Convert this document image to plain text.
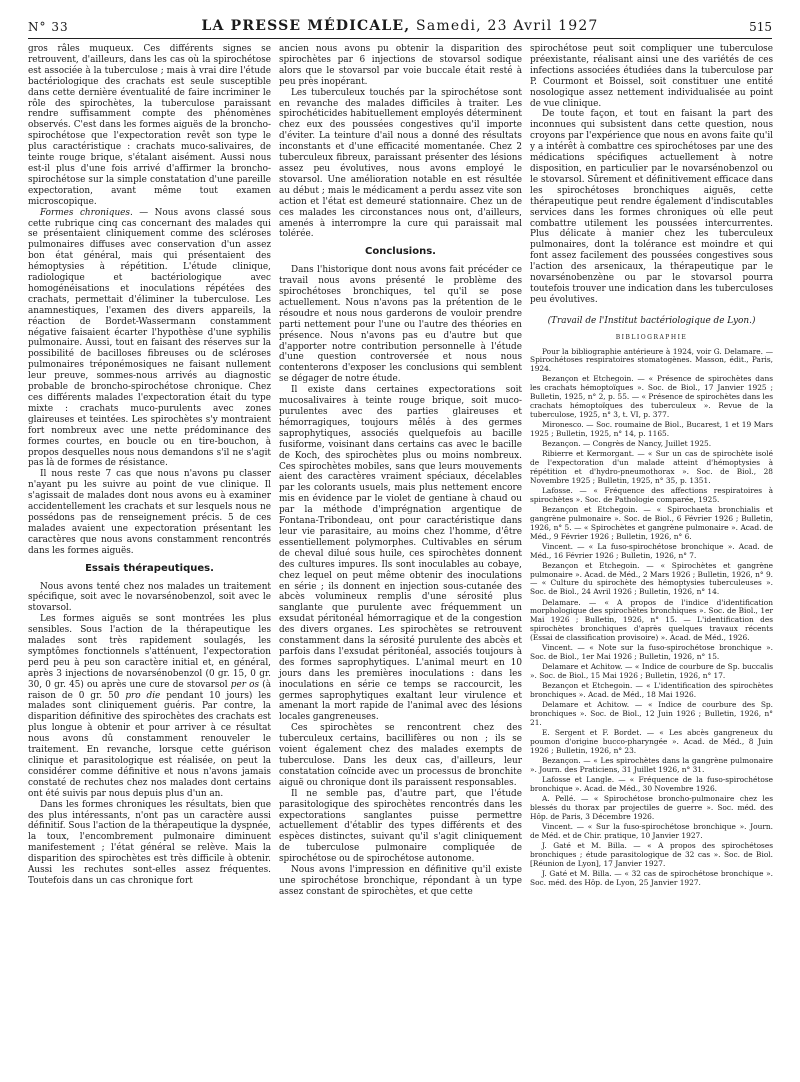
N° 33	LA PRESSE MÉDICALE, Samedi, 23 Avril 1927	515

gros râles muqueux. Ces différents signes se retrouvent, d'ailleurs, dans les cas où la spirochétose est associée à la tuberculose ; mais à vrai dire l'étude bactériologique des crachats est seule susceptible dans cette dernière éventualité de faire incriminer le rôle des spirochètes, la tuberculose paraissant rendre suffisamment compte des phénomènes observés. C'est dans les formes aiguës de la broncho-spirochétose que l'expectoration revêt son type le plus caractéristique : crachats muco-salivaires, de teinte rouge brique, s'étalant aisément. Aussi nous est-il plus d'une fois arrivé d'affirmer la broncho-spirochétose sur la simple constatation d'une pareille expectoration, avant même tout examen microscopique.

Formes chroniques. — Nous avons classé sous cette rubrique cinq cas concernant des malades qui se présentaient cliniquement comme des scléroses pulmonaires diffuses avec conservation d'un assez bon état général, mais qui présentaient des hémoptysies à répétition. L'étude clinique, radiologique et bactériologique avec homogénéisations et inoculations répétées des crachats, permettait d'éliminer la tuberculose. Les anamnestiques, l'examen des divers appareils, la réaction de Bordet-Wassermann constamment négative faisaient écarter l'hypothèse d'une syphilis pulmonaire. Aussi, tout en faisant des réserves sur la possibilité de bacilloses fibreuses ou de scléroses pulmonaires tréponémosiques ne faisant nullement leur preuve, sommes-nous arrivés au diagnostic probable de broncho-spirochétose chronique. Chez ces différents malades l'expectoration était du type mixte : crachats muco-purulents avec zones glaireuses et teintées. Les spirochètes s'y montraient fort nombreux avec une nette prédominance des formes courtes, en boucle ou en tire-bouchon, à propos desquelles nous nous demandons s'il ne s'agit pas là de formes de résistance.

Il nous reste 7 cas que nous n'avons pu classer n'ayant pu les suivre au point de vue clinique. Il s'agissait de malades dont nous avons eu à examiner accidentellement les crachats et sur lesquels nous ne possédons pas de renseignement précis. 5 de ces malades avaient une expectoration présentant les caractères que nous avons constamment rencontrés dans les formes aiguës.

Essais thérapeutiques.

Nous avons tenté chez nos malades un traitement spécifique, soit avec le novarsénobenzol, soit avec le stovarsol.

Les formes aiguës se sont montrées les plus sensibles. Sous l'action de la thérapeutique les malades sont très rapidement soulagés, les symptômes fonctionnels s'atténuent, l'expectoration perd peu à peu son caractère initial et, en général, après 3 injections de novarsénobenzol (0 gr. 15, 0 gr. 30, 0 gr. 45) ou après une cure de stovarsol per os (à raison de 0 gr. 50 pro die pendant 10 jours) les malades sont cliniquement guéris. Par contre, la disparition définitive des spirochètes des crachats est plus longue à obtenir et pour arriver à ce résultat nous avons dû constamment renouveler le traitement. En revanche, lorsque cette guérison clinique et parasitologique est réalisée, on peut la considérer comme définitive et nous n'avons jamais constaté de rechutes chez nos malades dont certains ont été suivis par nous depuis plus d'un an.

Dans les formes chroniques les résultats, bien que des plus intéressants, n'ont pas un caractère aussi définitif. Sous l'action de la thérapeutique la dyspnée, la toux, l'encombrement pulmonaire diminuent manifestement ; l'état général se relève. Mais la disparition des spirochètes est très difficile à obtenir. Aussi les rechutes sont-elles assez fréquentes. Toutefois dans un cas chronique fort

ancien nous avons pu obtenir la disparition des spirochètes par 6 injections de stovarsol sodique alors que le stovarsol par voie buccale était resté à peu près inopérant.

Les tuberculeux touchés par la spirochétose sont en revanche des malades difficiles à traiter. Les spirochéticides habituellement employés déterminent chez eux des poussées congestives qu'il importe d'éviter. La teinture d'ail nous a donné des résultats inconstants et d'une efficacité momentanée. Chez 2 tuberculeux fibreux, paraissant présenter des lésions assez peu évolutives, nous avons employé le stovarsol. Une amélioration notable en est résultée au début ; mais le médicament a perdu assez vite son action et l'état est demeuré stationnaire. Chez un de ces malades les circonstances nous ont, d'ailleurs, amenés à interrompre la cure qui paraissait mal tolérée.

Conclusions.

Dans l'historique dont nous avons fait précéder ce travail nous avons présenté le problème des spirochétoses bronchiques, tel qu'il se pose actuellement. Nous n'avons pas la prétention de le résoudre et nous nous garderons de vouloir prendre parti nettement pour l'une ou l'autre des théories en présence. Nous n'avons pas eu d'autre but que d'apporter notre contribution personnelle à l'étude d'une question controversée et nous nous contenterons d'exposer les conclusions qui semblent se dégager de notre étude.

Il existe dans certaines expectorations soit mucosalivaires à teinte rouge brique, soit muco-purulentes avec des parties glaireuses et hémorragiques, toujours mêlés à des germes saprophytiques, associés quelquefois au bacille fusiforme, voisinant dans certains cas avec le bacille de Koch, des spirochètes plus ou moins nombreux. Ces spirochètes mobiles, sans que leurs mouvements aient des caractères vraiment spéciaux, décelables par les colorants usuels, mais plus nettement encore mis en évidence par le violet de gentiane à chaud ou par la méthode d'imprégnation argentique de Fontana-Tribondeau, ont pour caractéristique dans leur vie parasitaire, au moins chez l'homme, d'être essentiellement polymorphes. Cultivables en sérum de cheval dilué sous huile, ces spirochètes donnent des cultures impures. Ils sont inoculables au cobaye, chez lequel on peut même obtenir des inoculations en série ; ils donnent en injection sous-cutanée des abcès volumineux remplis d'une sérosité plus sanglante que purulente avec fréquemment un exsudat péritonéal hémorragique et de la congestion des divers organes. Les spirochètes se retrouvent constamment dans la sérosité purulente des abcès et parfois dans l'exsudat péritonéal, associés toujours à des formes saprophytiques. L'animal meurt en 10 jours dans les premières inoculations : dans les inoculations en série ce temps se raccourcit, les germes saprophytiques exaltant leur virulence et amenant la mort rapide de l'animal avec des lésions locales gangreneuses.

Ces spirochètes se rencontrent chez des tuberculeux certains, bacillifères ou non ; ils se voient également chez des malades exempts de tuberculose. Dans les deux cas, d'ailleurs, leur constatation coïncide avec un processus de bronchite aiguë ou chronique dont ils paraissent responsables.

Il ne semble pas, d'autre part, que l'étude parasitologique des spirochètes rencontrés dans les expectorations sanglantes puisse permettre actuellement d'établir des types différents et des espèces distinctes, suivant qu'il s'agit cliniquement de tuberculose pulmonaire compliquée de spirochétose ou de spirochétose autonome.

Nous avons l'impression en définitive qu'il existe une spirochétose bronchique, répondant à un type assez constant de spirochètes, et que cette

spirochétose peut soit compliquer une tuberculose préexistante, réalisant ainsi une des variétés de ces infections associées étudiées dans la tuberculose par P. Courmont et Boissel, soit constituer une entité nosologique assez nettement individualisée au point de vue clinique.

De toute façon, et tout en faisant la part des inconnues qui subsistent dans cette question, nous croyons par l'expérience que nous en avons faite qu'il y a intérêt à combattre ces spirochétoses par une des médications spécifiques actuellement à notre disposition, en particulier par le novarsénobenzol ou le stovarsol. Sûrement et définitivement efficace dans les spirochétoses bronchiques aiguës, cette thérapeutique peut rendre également d'indiscutables services dans les formes chroniques où elle peut combattre utilement les poussées intercurrentes. Plus délicate à manier chez les tuberculeux pulmonaires, dont la tolérance est moindre et qui font assez facilement des poussées congestives sous l'action des arsenicaux, la thérapeutique par le novarsénobenzène ou par le stovarsol pourra toutefois trouver une indication dans les tuberculoses peu évolutives.

(Travail de l'Institut bactériologique de Lyon.)
BIBLIOGRAPHIE

Pour la bibliographie antérieure à 1924, voir G. Delamare. — Spirochétoses respiratoires stomatogènes. Masson, édit., Paris, 1924.

Bezançon et Etchegoin. — « Présence de spirochètes dans les crachats hémoptoïques ». Soc. de Biol., 17 Janvier 1925 ; Bulletin, 1925, n° 2, p. 55. — « Présence de spirochètes dans les crachats hémoptoïques des tuberculeux ». Revue de la tuberculose, 1925, n° 3, t. VI, p. 377.

Mironesco. — Soc. roumaine de Biol., Bucarest, 1 et 19 Mars 1925 ; Bulletin, 1925, n° 14, p. 1165.

Bezançon. — Congrès de Nancy, Juillet 1925.

Ribierre et Kermorgant. — « Sur un cas de spirochète isolé de l'expectoration d'un malade atteint d'hémoptysies à répétition et d'hydro-pneumothorax ». Soc. de Biol., 28 Novembre 1925 ; Bulletin, 1925, n° 35, p. 1351.

Lafosse. — « Fréquence des affections respiratoires à spirochètes ». Soc. de Pathologie comparée, 1925.

Bezançon et Etchegoin. — « Spirochaeta bronchialis et gangrène pulmonaire ». Soc. de Biol., 6 Février 1926 ; Bulletin, 1926, n° 5. — « Spirochètes et gangrène pulmonaire ». Acad. de Méd., 9 Février 1926 ; Bulletin, 1926, n° 6.

Vincent. — « La fuso-spirochétose bronchique ». Acad. de Méd., 16 Février 1926 ; Bulletin, 1926, n° 7.

Bezançon et Etchegoin. — « Spirochètes et gangrène pulmonaire ». Acad. de Méd., 2 Mars 1926 ; Bulletin, 1926, n° 9. — « Culture du spirochète des hémoptysies tuberculeuses ». Soc. de Biol., 24 Avril 1926 ; Bulletin, 1926, n° 14.

Delamare. — « A propos de l'indice d'identification morphologique des spirochètes bronchiques ». Soc. de Biol., 1er Mai 1926 ; Bulletin, 1926, n° 15. — L'identification des spirochètes bronchiques d'après quelques travaux récents (Essai de classification provisoire) ». Acad. de Méd., 1926.

Vincent. — « Note sur la fuso-spirochétose bronchique ». Soc. de Biol., 1er Mai 1926 ; Bulletin, 1926, n° 15.

Delamare et Achitow. — « Indice de courbure de Sp. buccalis ». Soc. de Biol., 15 Mai 1926 ; Bulletin, 1926, n° 17.

Bezançon et Etchegoin. — « L'identification des spirochètes bronchiques ». Acad. de Méd., 18 Mai 1926.

Delamare et Achitow. — « Indice de courbure des Sp. bronchiques ». Soc. de Biol., 12 Juin 1926 ; Bulletin, 1926, n° 21.

E. Sergent et F. Bordet. — « Les abcès gangreneux du poumon d'origine bucco-pharyngée ». Acad. de Méd., 8 Juin 1926 ; Bulletin, 1926, n° 23.

Bezançon. — « Les spirochètes dans la gangrène pulmonaire ». Journ. des Praticiens, 31 Juillet 1926, n° 31.

Lafosse et Langle. — « Fréquence de la fuso-spirochétose bronchique ». Acad. de Méd., 30 Novembre 1926.

A. Pellé. — « Spirochétose broncho-pulmonaire chez les blessés du thorax par projectiles de guerre ». Soc. méd. des Hôp. de Paris, 3 Décembre 1926.

Vincent. — « Sur la fuso-spirochétose bronchique ». Journ. de Méd. et de Chir. pratique, 10 Janvier 1927.

J. Gaté et M. Billa. — « A propos des spirochétoses bronchiques ; étude parasitologique de 32 cas ». Soc. de Biol. [Réunion de Lyon], 17 Janvier 1927.

J. Gaté et M. Billa. — « 32 cas de spirochétose bronchique ». Soc. méd. des Hôp. de Lyon, 25 Janvier 1927.
